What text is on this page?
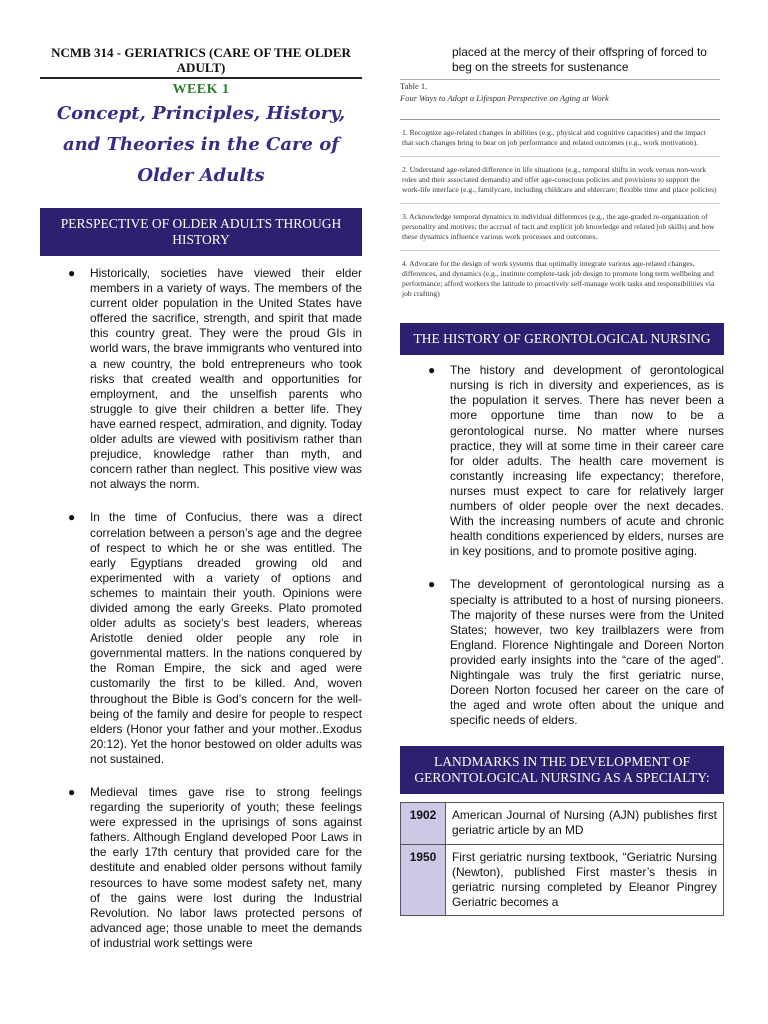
NCMB 314 - GERIATRICS (CARE OF THE OLDER ADULT)
WEEK 1
Concept, Principles, History, and Theories in the Care of Older Adults
PERSPECTIVE OF OLDER ADULTS THROUGH HISTORY
● Historically, societies have viewed their elder members in a variety of ways. The members of the current older population in the United States have offered the sacrifice, strength, and spirit that made this country great. They were the proud GIs in world wars, the brave immigrants who ventured into a new country, the bold entrepreneurs who took risks that created wealth and opportunities for employment, and the unselfish parents who struggle to give their children a better life. They have earned respect, admiration, and dignity. Today older adults are viewed with positivism rather than prejudice, knowledge rather than myth, and concern rather than neglect. This positive view was not always the norm.
● In the time of Confucius, there was a direct correlation between a person’s age and the degree of respect to which he or she was entitled. The early Egyptians dreaded growing old and experimented with a variety of options and schemes to maintain their youth. Opinions were divided among the early Greeks. Plato promoted older adults as society’s best leaders, whereas Aristotle denied older people any role in governmental matters. In the nations conquered by the Roman Empire, the sick and aged were customarily the first to be killed. And, woven throughout the Bible is God’s concern for the well-being of the family and desire for people to respect elders (Honor your father and your mother..Exodus 20:12). Yet the honor bestowed on older adults was not sustained.
● Medieval times gave rise to strong feelings regarding the superiority of youth; these feelings were expressed in the uprisings of sons against fathers. Although England developed Poor Laws in the early 17th century that provided care for the destitute and enabled older persons without family resources to have some modest safety net, many of the gains were lost during the Industrial Revolution. No labor laws protected persons of advanced age; those unable to meet the demands of industrial work settings were
placed at the mercy of their offspring of forced to beg on the streets for sustenance
Table 1.
Four Ways to Adopt a Lifespan Perspective on Aging at Work
1. Recognize age-related changes in abilities (e.g., physical and cognitive capacities) and the impact that such changes bring to bear on job performance and related outcomes (e.g., work motivation).
2. Understand age-related difference in life situations (e.g., temporal shifts in work versus non-work roles and their associated demands) and offer age-conscious policies and provisions to support the work-life interface (e.g., familycare, including childcare and eldercare; flexible time and place policies)
3. Acknowledge temporal dynamics in individual differences (e.g., the age-graded re-organization of personality and motives; the accrual of tacit and explicit job knowledge and related job skills) and how these dynamics influence various work processes and outcomes.
4. Advocate for the design of work systems that optimally integrate various age-related changes, differences, and dynamics (e.g., institute complete-task job design to promote long term wellbeing and performance; afford workers the latitude to proactively self-manage work tasks and responsibilities via job crafting)
THE HISTORY OF GERONTOLOGICAL NURSING
● The history and development of gerontological nursing is rich in diversity and experiences, as is the population it serves. There has never been a more opportune time than now to be a gerontological nurse. No matter where nurses practice, they will at some time in their career care for older adults. The health care movement is constantly increasing life expectancy; therefore, nurses must expect to care for relatively larger numbers of older people over the next decades. With the increasing numbers of acute and chronic health conditions experienced by elders, nurses are in key positions, and to promote positive aging.
● The development of gerontological nursing as a specialty is attributed to a host of nursing pioneers. The majority of these nurses were from the United States; however, two key trailblazers were from England. Florence Nightingale and Doreen Norton provided early insights into the “care of the aged”. Nightingale was truly the first geriatric nurse, Doreen Norton focused her career on the care of the aged and wrote often about the unique and specific needs of elders.
LANDMARKS IN THE DEVELOPMENT OF GERONTOLOGICAL NURSING AS A SPECIALTY:
1902	American Journal of Nursing (AJN) publishes first geriatric article by an MD
1950	First geriatric nursing textbook, “Geriatric Nursing (Newton), published First master’s thesis in geriatric nursing completed by Eleanor Pingrey Geriatric becomes a
